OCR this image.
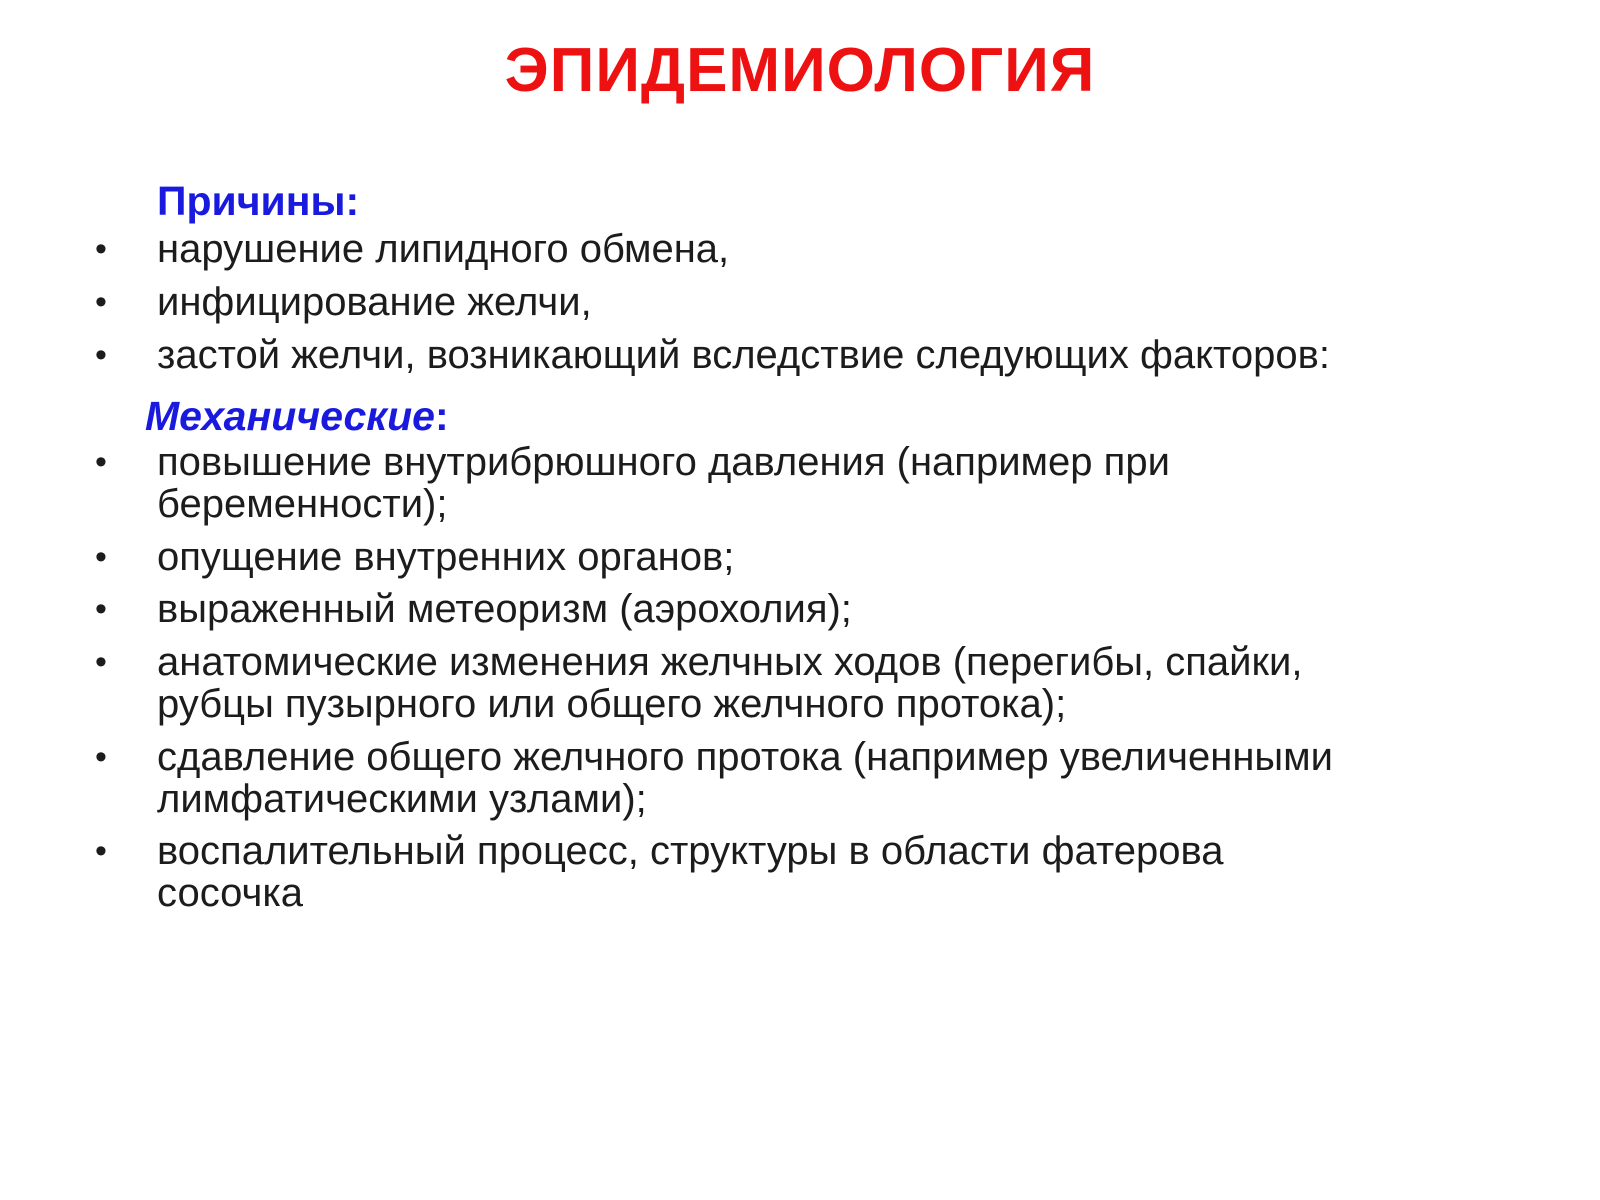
ЭПИДЕМИОЛОГИЯ
Причины:
• нарушение липидного обмена,
• инфицирование желчи,
• застой желчи, возникающий вследствие следующих факторов:
Механические:
• повышение внутрибрюшного давления (например при
беременности);
• опущение внутренних органов;
• выраженный метеоризм (аэрохолия);
• анатомические изменения желчных ходов (перегибы, спайки,
рубцы пузырного или общего желчного протока);
• сдавление общего желчного протока (например увеличенными
лимфатическими узлами);
• воспалительный процесс, структуры в области фатерова
сосочка
